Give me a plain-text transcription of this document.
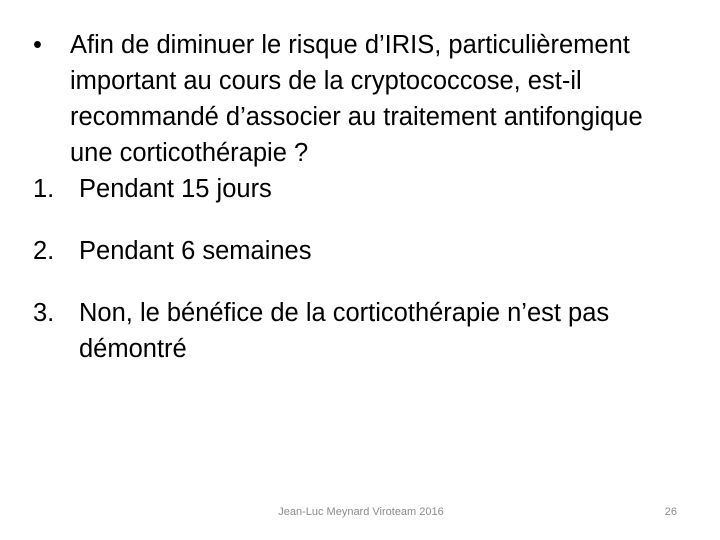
• Afin de diminuer le risque d’IRIS, particulièrement important au cours de la cryptococcose, est-il recommandé d’associer au traitement antifongique une corticothérapie ?
1. Pendant 15 jours
2. Pendant 6 semaines
3. Non, le bénéfice de la corticothérapie n’est pas démontré
Jean-Luc Meynard Viroteam 2016	26
